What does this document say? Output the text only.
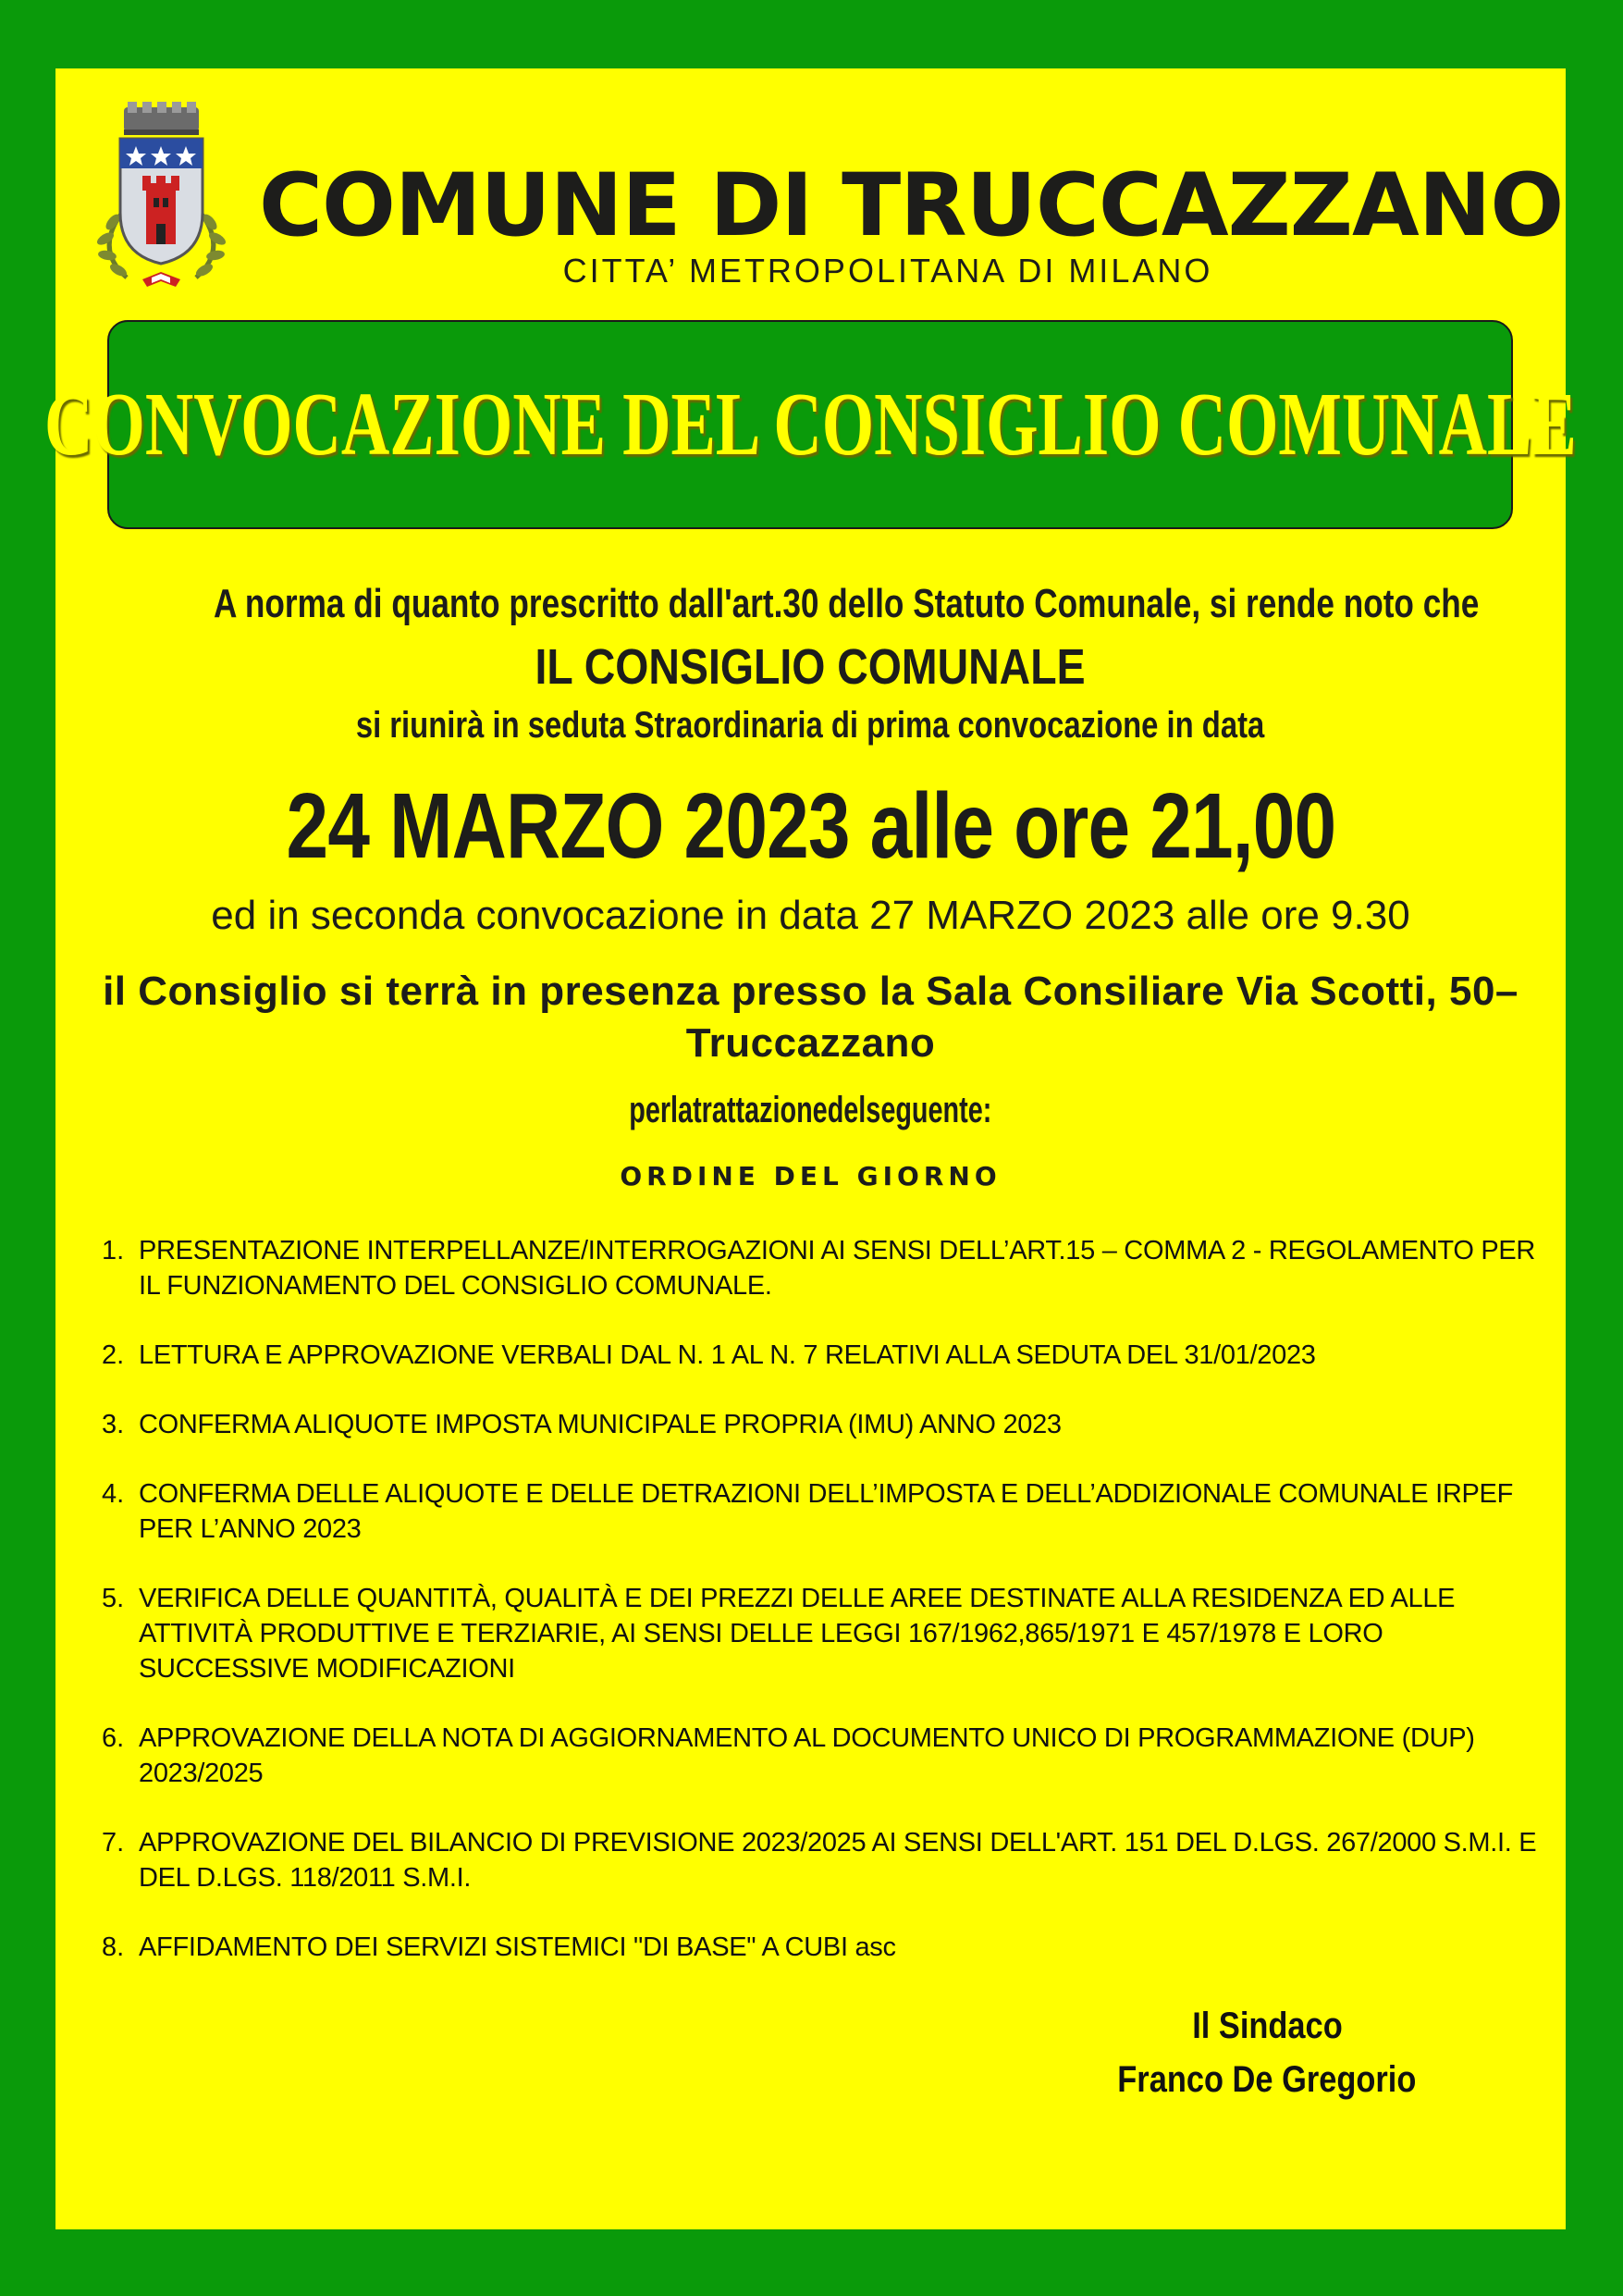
COMUNE DI TRUCCAZZANO
CITTA’ METROPOLITANA DI MILANO
CONVOCAZIONE DEL CONSIGLIO COMUNALE
A norma di quanto prescritto dall'art.30 dello Statuto Comunale, si rende noto che
IL CONSIGLIO COMUNALE
si riunirà in seduta Straordinaria di prima convocazione in data
24 MARZO 2023 alle ore 21,00
ed in seconda convocazione in data 27 MARZO 2023 alle ore 9.30
il Consiglio si terrà in presenza presso la Sala Consiliare Via Scotti, 50–Truccazzano
perlatrattazionedelseguente:
ORDINE DEL GIORNO
1. PRESENTAZIONE INTERPELLANZE/INTERROGAZIONI AI SENSI DELL’ART.15 – COMMA 2 - REGOLAMENTO PER IL FUNZIONAMENTO DEL CONSIGLIO COMUNALE.
2. LETTURA E APPROVAZIONE VERBALI DAL N. 1 AL N. 7 RELATIVI ALLA SEDUTA DEL 31/01/2023
3. CONFERMA ALIQUOTE IMPOSTA MUNICIPALE PROPRIA (IMU) ANNO 2023
4. CONFERMA DELLE ALIQUOTE E DELLE DETRAZIONI DELL’IMPOSTA E DELL’ADDIZIONALE COMUNALE IRPEF PER L’ANNO 2023
5. VERIFICA DELLE QUANTITÀ, QUALITÀ E DEI PREZZI DELLE AREE DESTINATE ALLA RESIDENZA ED ALLE ATTIVITÀ PRODUTTIVE E TERZIARIE, AI SENSI DELLE LEGGI 167/1962,865/1971 E 457/1978 E LORO SUCCESSIVE MODIFICAZIONI
6. APPROVAZIONE DELLA NOTA DI AGGIORNAMENTO AL DOCUMENTO UNICO DI PROGRAMMAZIONE (DUP) 2023/2025
7. APPROVAZIONE DEL BILANCIO DI PREVISIONE 2023/2025 AI SENSI DELL'ART. 151 DEL D.LGS. 267/2000 S.M.I. E DEL D.LGS. 118/2011 S.M.I.
8. AFFIDAMENTO DEI SERVIZI SISTEMICI "DI BASE" A CUBI asc
Il Sindaco
Franco De Gregorio
